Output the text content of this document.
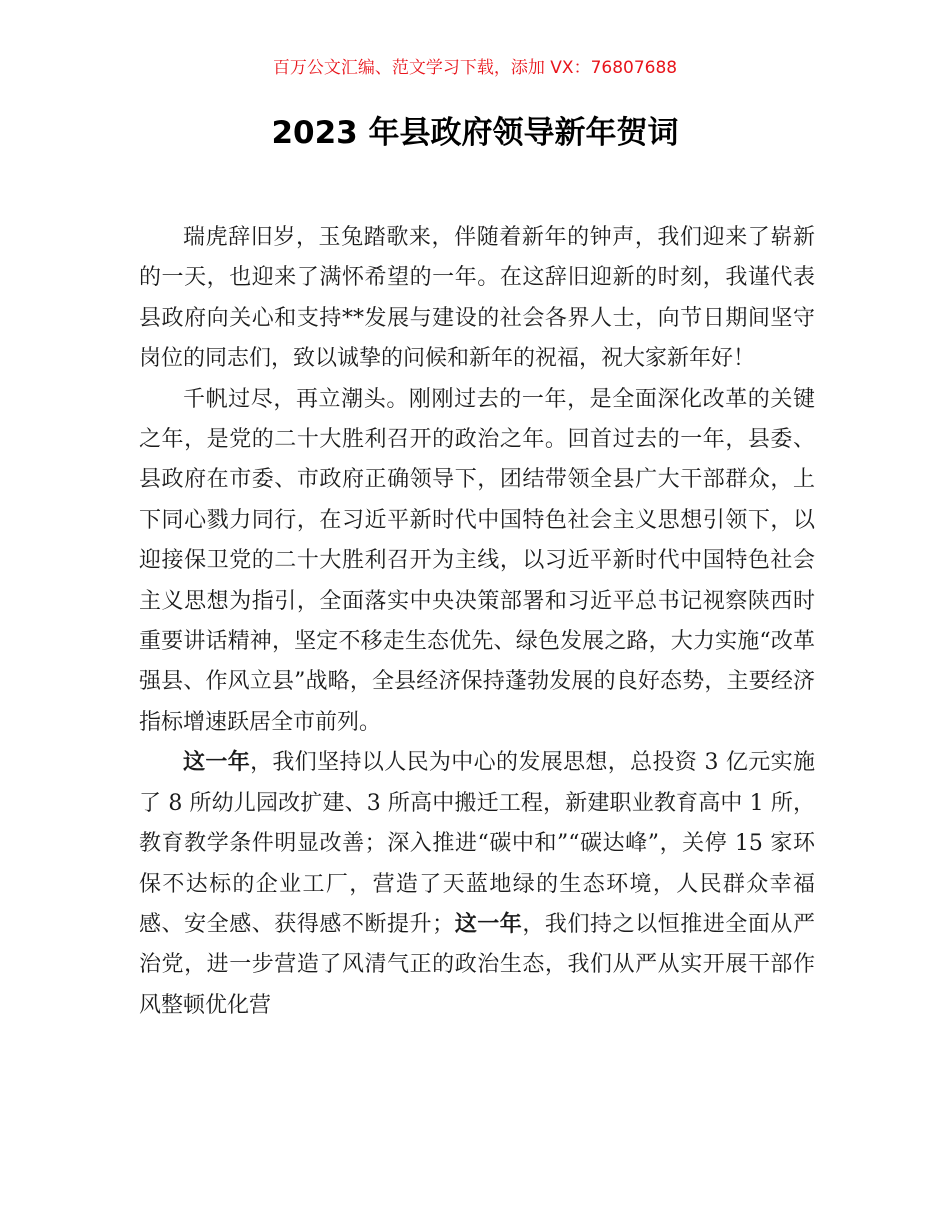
百万公文汇编、范文学习下载，添加 VX：76807688
2023 年县政府领导新年贺词

瑞虎辞旧岁，玉兔踏歌来，伴随着新年的钟声，我们迎来了崭新的一天，也迎来了满怀希望的一年。在这辞旧迎新的时刻，我谨代表县政府向关心和支持**发展与建设的社会各界人士，向节日期间坚守岗位的同志们，致以诚挚的问候和新年的祝福，祝大家新年好！

千帆过尽，再立潮头。刚刚过去的一年，是全面深化改革的关键之年，是党的二十大胜利召开的政治之年。回首过去的一年，县委、县政府在市委、市政府正确领导下，团结带领全县广大干部群众，上下同心戮力同行，在习近平新时代中国特色社会主义思想引领下，以迎接保卫党的二十大胜利召开为主线，以习近平新时代中国特色社会主义思想为指引，全面落实中央决策部署和习近平总书记视察陕西时重要讲话精神，坚定不移走生态优先、绿色发展之路，大力实施“改革强县、作风立县”战略，全县经济保持蓬勃发展的良好态势，主要经济指标增速跃居全市前列。

这一年，我们坚持以人民为中心的发展思想，总投资 3 亿元实施了 8 所幼儿园改扩建、3 所高中搬迁工程，新建职业教育高中 1 所，教育教学条件明显改善；深入推进“碳中和”“碳达峰”，关停 15 家环保不达标的企业工厂，营造了天蓝地绿的生态环境，人民群众幸福感、安全感、获得感不断提升；这一年，我们持之以恒推进全面从严治党，进一步营造了风清气正的政治生态，我们从严从实开展干部作风整顿优化营
